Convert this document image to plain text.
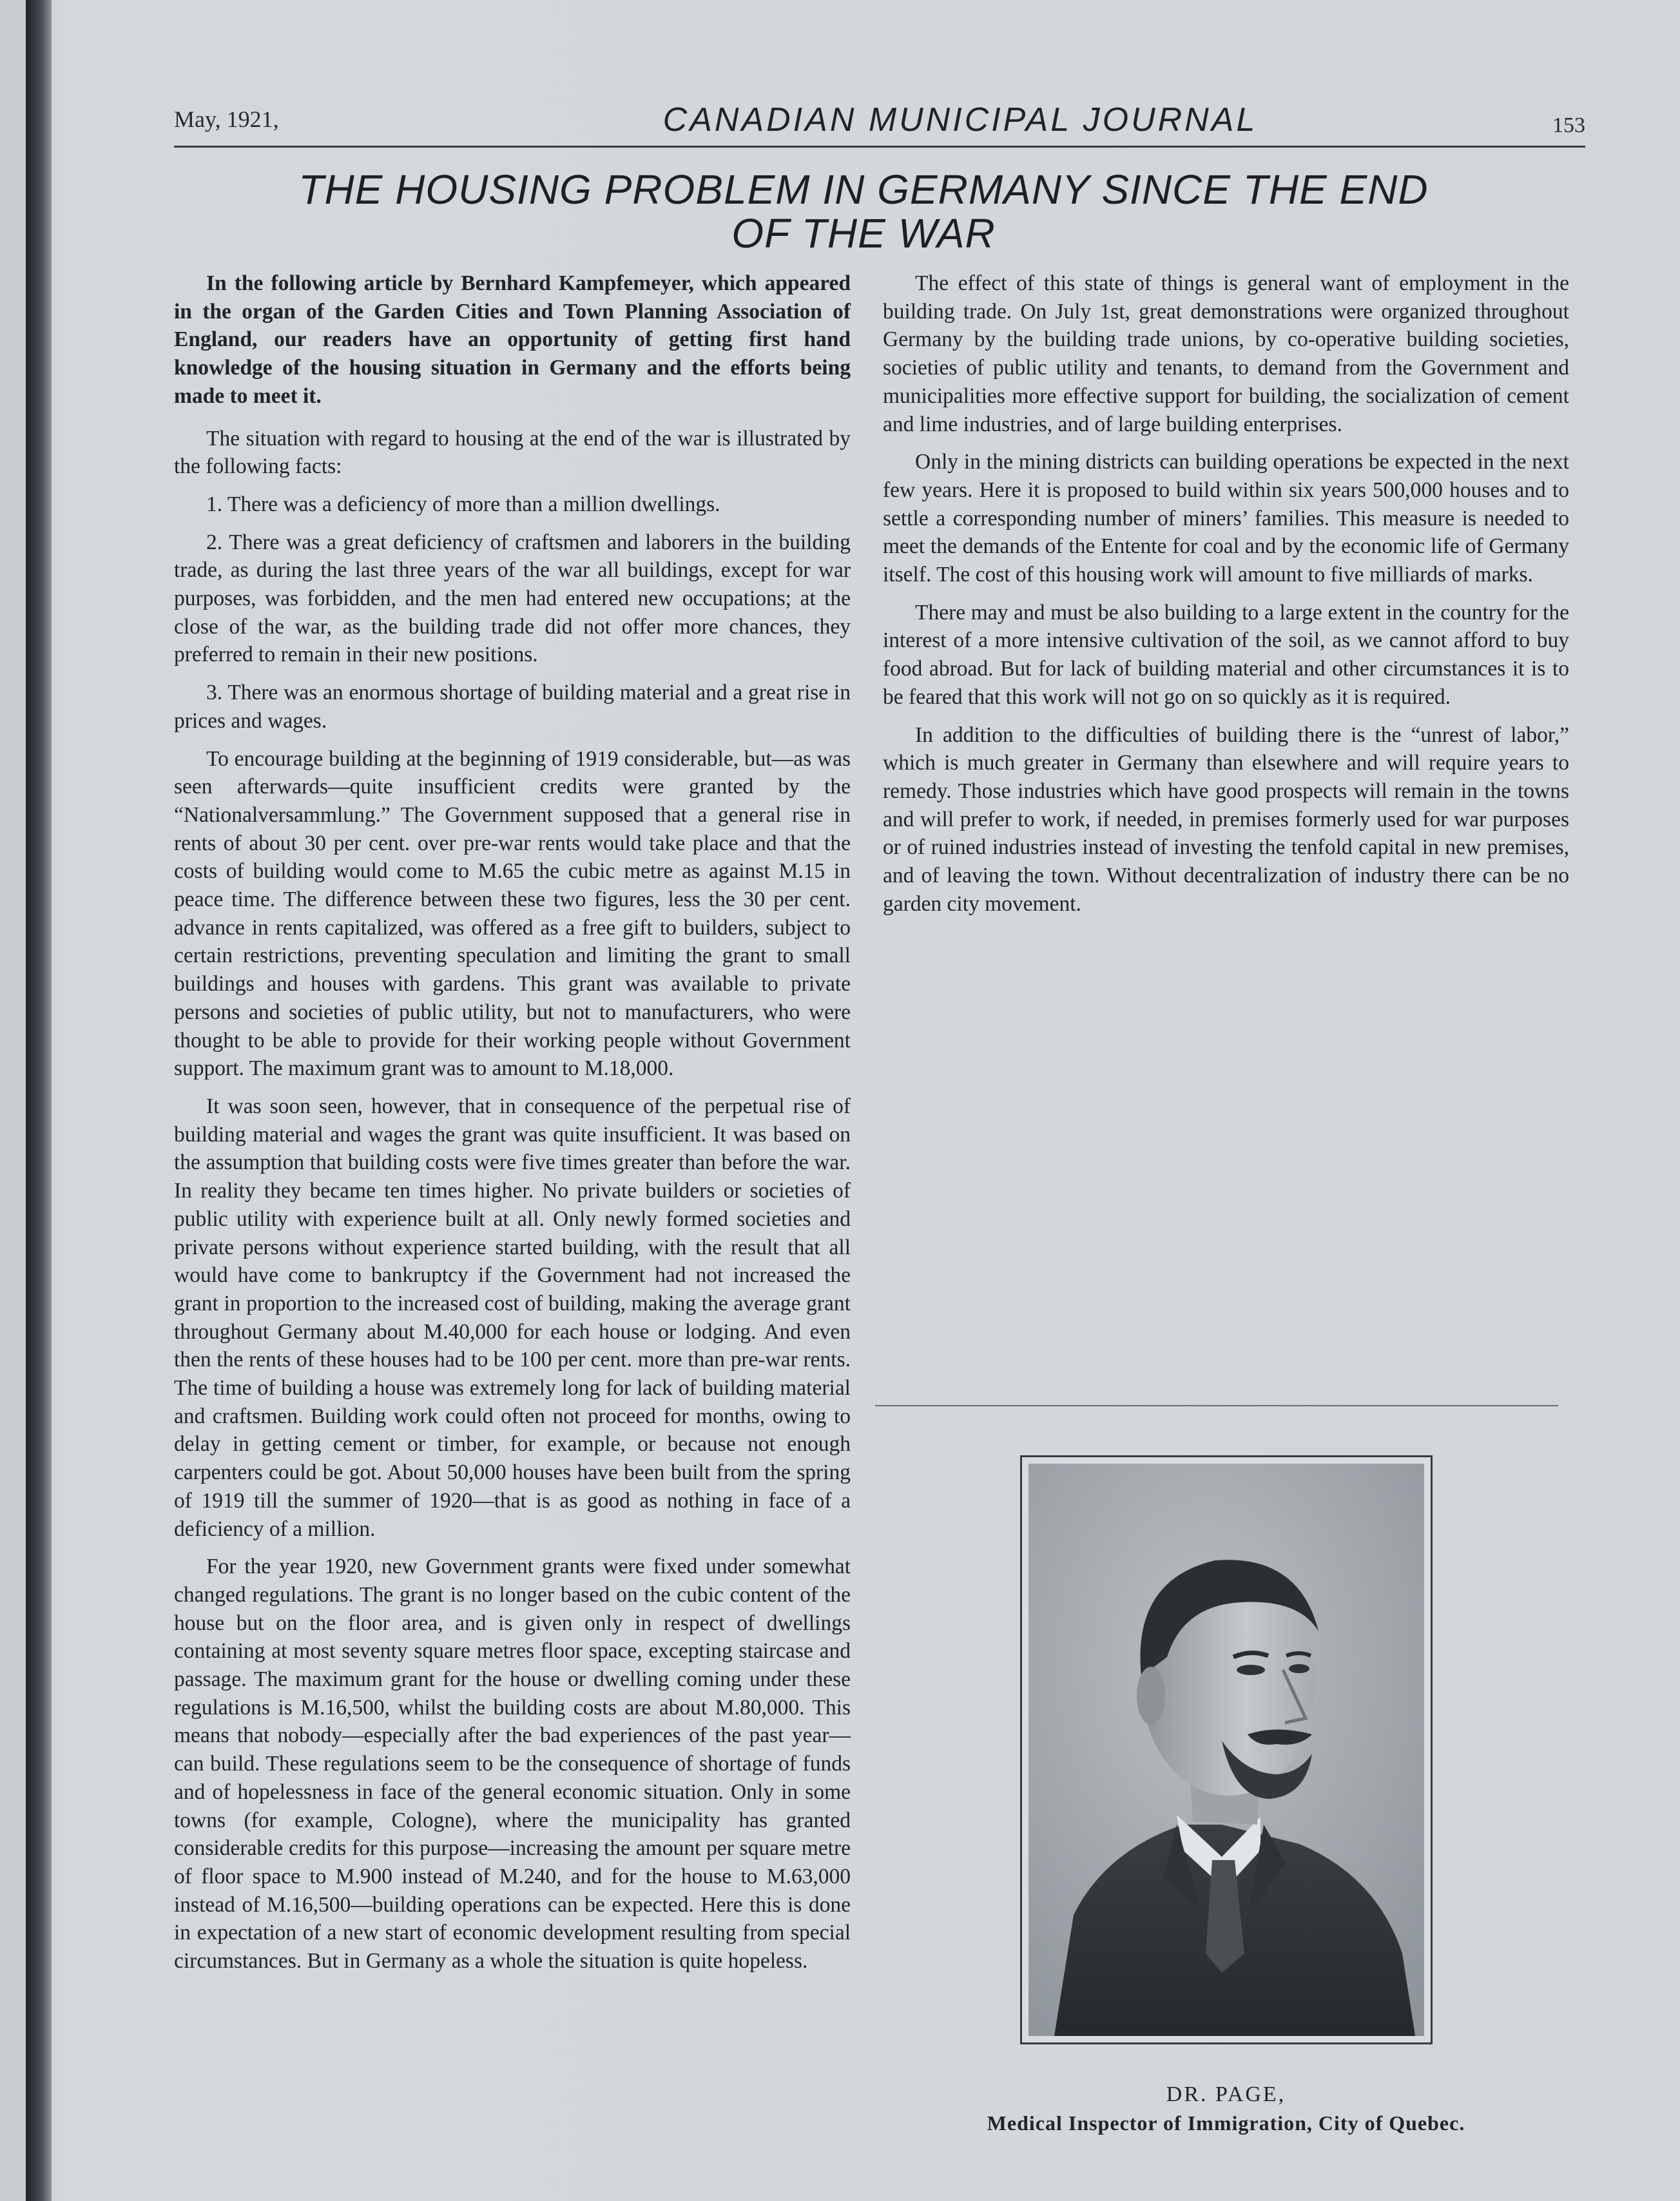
May, 1921,	CANADIAN MUNICIPAL JOURNAL	153
THE HOUSING PROBLEM IN GERMANY SINCE THE END
OF THE WAR

In the following article by Bernhard Kampfemeyer, which appeared in the organ of the Garden Cities and Town Planning Association of England, our readers have an opportunity of getting first hand knowledge of the housing situation in Germany and the efforts being made to meet it.

The situation with regard to housing at the end of the war is illustrated by the following facts:

1. There was a deficiency of more than a million dwellings.

2. There was a great deficiency of craftsmen and laborers in the building trade, as during the last three years of the war all buildings, except for war purposes, was forbidden, and the men had entered new occupations; at the close of the war, as the building trade did not offer more chances, they preferred to remain in their new positions.

3. There was an enormous shortage of building material and a great rise in prices and wages.

To encourage building at the beginning of 1919 considerable, but—as was seen afterwards—quite insufficient credits were granted by the “Nationalversammlung.” The Government supposed that a general rise in rents of about 30 per cent. over pre-war rents would take place and that the costs of building would come to M.65 the cubic metre as against M.15 in peace time. The difference between these two figures, less the 30 per cent. advance in rents capitalized, was offered as a free gift to builders, subject to certain restrictions, preventing speculation and limiting the grant to small buildings and houses with gardens. This grant was available to private persons and societies of public utility, but not to manufacturers, who were thought to be able to provide for their working people without Government support. The maximum grant was to amount to M.18,000.

It was soon seen, however, that in consequence of the perpetual rise of building material and wages the grant was quite insufficient. It was based on the assumption that building costs were five times greater than before the war. In reality they became ten times higher. No private builders or societies of public utility with experience built at all. Only newly formed societies and private persons without experience started building, with the result that all would have come to bankruptcy if the Government had not increased the grant in proportion to the increased cost of building, making the average grant throughout Germany about M.40,000 for each house or lodging. And even then the rents of these houses had to be 100 per cent. more than pre-war rents. The time of building a house was extremely long for lack of building material and craftsmen. Building work could often not proceed for months, owing to delay in getting cement or timber, for example, or because not enough carpenters could be got. About 50,000 houses have been built from the spring of 1919 till the summer of 1920—that is as good as nothing in face of a deficiency of a million.

For the year 1920, new Government grants were fixed under somewhat changed regulations. The grant is no longer based on the cubic content of the house but on the floor area, and is given only in respect of dwellings containing at most seventy square metres floor space, excepting staircase and passage. The maximum grant for the house or dwelling coming under these regulations is M.16,500, whilst the building costs are about M.80,000. This means that nobody—especially after the bad experiences of the past year—can build. These regulations seem to be the consequence of shortage of funds and of hopelessness in face of the general economic situation. Only in some towns (for example, Cologne), where the municipality has granted considerable credits for this purpose—increasing the amount per square metre of floor space to M.900 instead of M.240, and for the house to M.63,000 instead of M.16,500—building operations can be expected. Here this is done in expectation of a new start of economic development resulting from special circumstances. But in Germany as a whole the situation is quite hopeless.

The effect of this state of things is general want of employment in the building trade. On July 1st, great demonstrations were organized throughout Germany by the building trade unions, by co-operative building societies, societies of public utility and tenants, to demand from the Government and municipalities more effective support for building, the socialization of cement and lime industries, and of large building enterprises.

Only in the mining districts can building operations be expected in the next few years. Here it is proposed to build within six years 500,000 houses and to settle a corresponding number of miners’ families. This measure is needed to meet the demands of the Entente for coal and by the economic life of Germany itself. The cost of this housing work will amount to five milliards of marks.

There may and must be also building to a large extent in the country for the interest of a more intensive cultivation of the soil, as we cannot afford to buy food abroad. But for lack of building material and other circumstances it is to be feared that this work will not go on so quickly as it is required.

In addition to the difficulties of building there is the “unrest of labor,” which is much greater in Germany than elsewhere and will require years to remedy. Those industries which have good prospects will remain in the towns and will prefer to work, if needed, in premises formerly used for war purposes or of ruined industries instead of investing the tenfold capital in new premises, and of leaving the town. Without decentralization of industry there can be no garden city movement.

DR. PAGE,
Medical Inspector of Immigration, City of Quebec.
